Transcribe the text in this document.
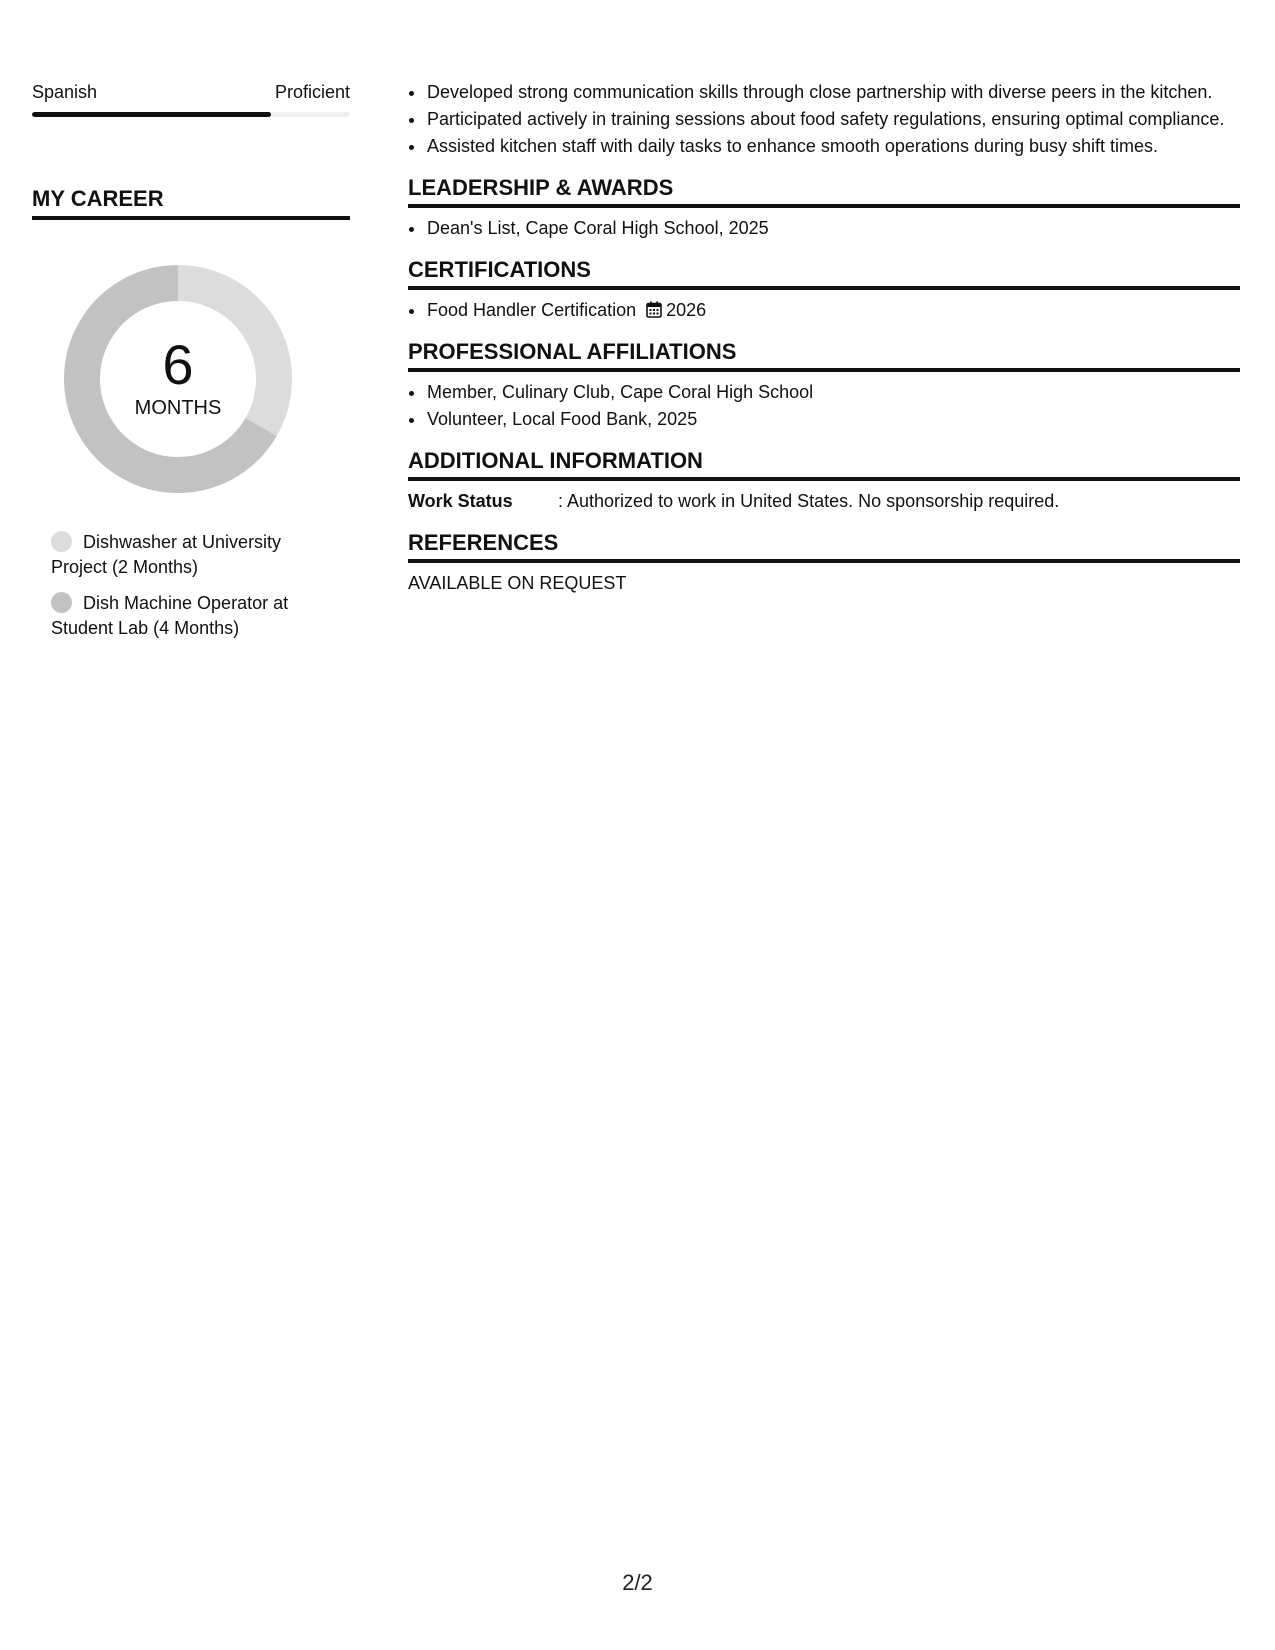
Spanish	Proficient
MY CAREER
6
MONTHS
Dishwasher at University Project (2 Months)
Dish Machine Operator at Student Lab (4 Months)
• Developed strong communication skills through close partnership with diverse peers in the kitchen.
• Participated actively in training sessions about food safety regulations, ensuring optimal compliance.
• Assisted kitchen staff with daily tasks to enhance smooth operations during busy shift times.
LEADERSHIP & AWARDS
• Dean's List, Cape Coral High School, 2025
CERTIFICATIONS
• Food Handler Certification 2026
PROFESSIONAL AFFILIATIONS
• Member, Culinary Club, Cape Coral High School
• Volunteer, Local Food Bank, 2025
ADDITIONAL INFORMATION
Work Status	: Authorized to work in United States. No sponsorship required.
REFERENCES
AVAILABLE ON REQUEST
2/2
